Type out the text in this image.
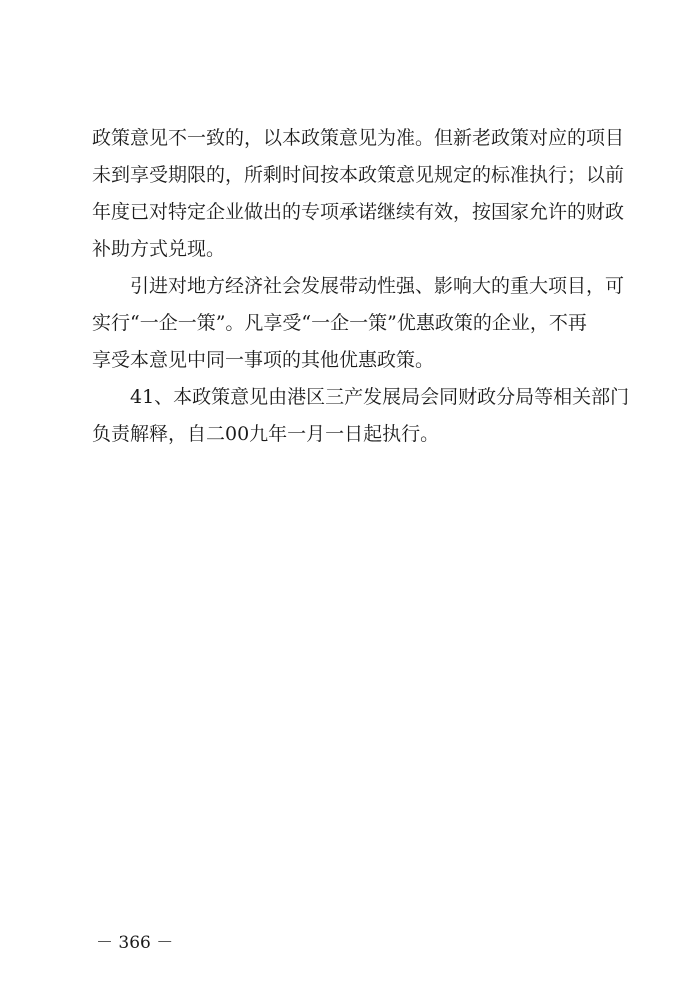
政策意见不一致的，以本政策意见为准。但新老政策对应的项目
未到享受期限的，所剩时间按本政策意见规定的标准执行；以前
年度已对特定企业做出的专项承诺继续有效，按国家允许的财政
补助方式兑现。
引进对地方经济社会发展带动性强、影响大的重大项目，可
实行“一企一策”。凡享受“一企一策”优惠政策的企业，不再
享受本意见中同一事项的其他优惠政策。
41、本政策意见由港区三产发展局会同财政分局等相关部门
负责解释，自二00九年一月一日起执行。
－ 366 －
